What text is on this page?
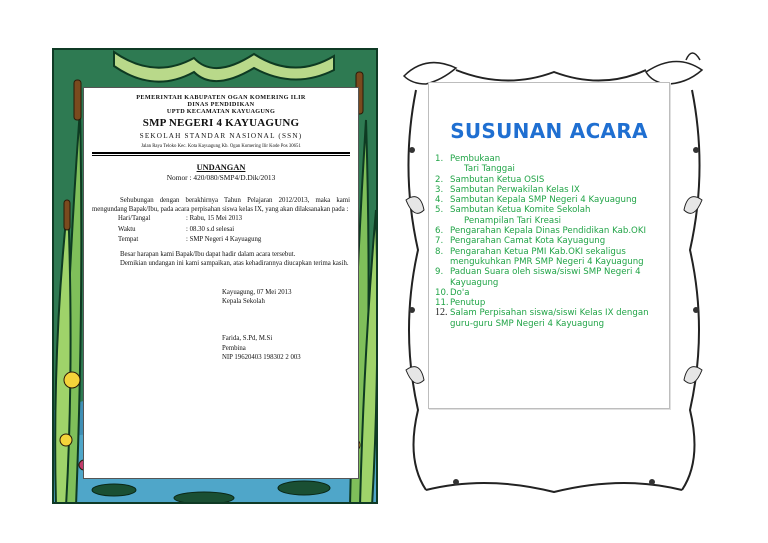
PEMERINTAH KABUPATEN OGAN KOMERING ILIR
DINAS PENDIDIKAN
UPTD KECAMATAN KAYUAGUNG
SMP NEGERI 4 KAYUAGUNG
SEKOLAH STANDAR NASIONAL (SSN)
Jalan Raya Teloko Kec. Kota Kayuagung Kb. Ogan Komering Ilir Kode Pos 30651
UNDANGAN
Nomor : 420/080/SMP4/D.Dik/2013

Sehubungan dengan berakhirnya Tahun Pelajaran 2012/2013, maka kami mengundang Bapak/Ibu, pada acara perpisahan siswa kelas IX, yang akan dilaksanakan pada :

Hari/Tangal	: Rabu, 15 Mei 2013
Waktu	: 08.30 s.d selesai
Tempat	: SMP Negeri 4 Kayuagung

Besar harapan kami Bapak/Ibu dapat hadir dalam acara tersebut.

Demikian undangan ini kami sampaikan, atas kehadirannya diucapkan terima kasih.

Kayuagung, 07 Mei 2013
Kepala Sekolah
Farida, S.Pd, M.Si
Pembina
NIP 19620403 198302 2 003
SUSUNAN ACARA
1. Pembukaan
Tari Tanggai
2. Sambutan Ketua OSIS
3. Sambutan Perwakilan Kelas IX
4. Sambutan Kepala SMP Negeri 4 Kayuagung
5. Sambutan Ketua Komite Sekolah
Penampilan Tari Kreasi
6. Pengarahan Kepala Dinas Pendidikan Kab.OKI
7. Pengarahan Camat Kota Kayuagung
8. Pengarahan Ketua PMI Kab.OKI sekaligus mengukuhkan PMR SMP Negeri 4 Kayuagung
9. Paduan Suara oleh siswa/siswi SMP Negeri 4 Kayuagung
10. Do'a
11. Penutup
12. Salam Perpisahan siswa/siswi Kelas IX dengan guru-guru SMP Negeri 4 Kayuagung
